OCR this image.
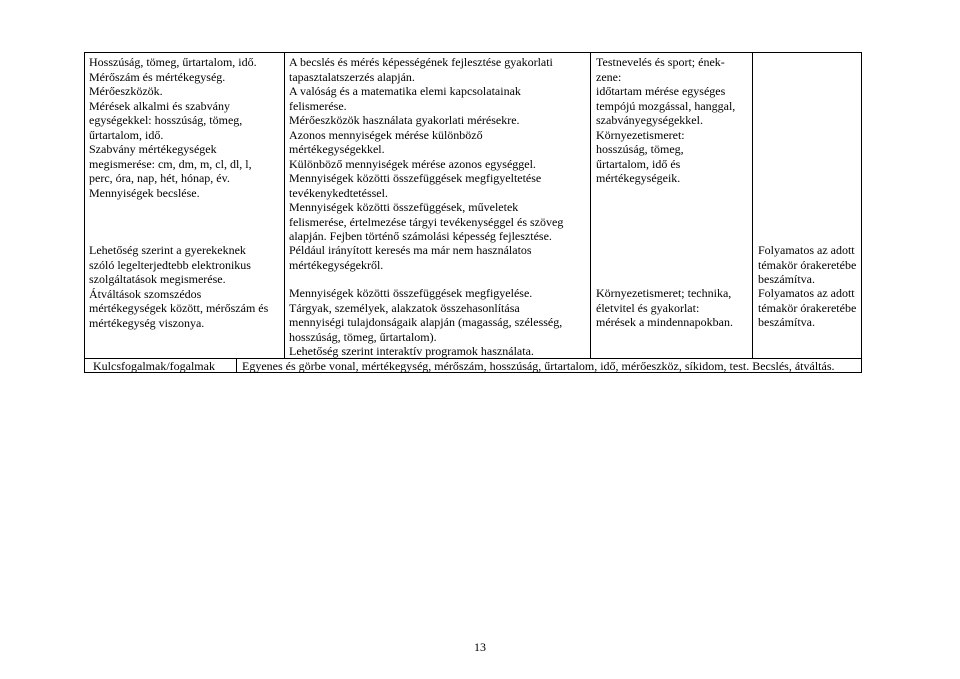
Hosszúság, tömeg, űrtartalom, idő.
Mérőszám és mértékegység.
Mérőeszközök.
Mérések alkalmi és szabvány
egységekkel: hosszúság, tömeg,
űrtartalom, idő.
Szabvány mértékegységek
megismerése: cm, dm, m, cl, dl, l,
perc, óra, nap, hét, hónap, év.
Mennyiségek becslése.
Lehetőség szerint a gyerekeknek
szóló legelterjedtebb elektronikus
szolgáltatások megismerése.
Átváltások szomszédos
mértékegységek között, mérőszám és
mértékegység viszonya.
A becslés és mérés képességének fejlesztése gyakorlati
tapasztalatszerzés alapján.
A valóság és a matematika elemi kapcsolatainak
felismerése.
Mérőeszközök használata gyakorlati mérésekre.
Azonos mennyiségek mérése különböző
mértékegységekkel.
Különböző mennyiségek mérése azonos egységgel.
Mennyiségek közötti összefüggések megfigyeltetése
tevékenykedtetéssel.
Mennyiségek közötti összefüggések, műveletek
felismerése, értelmezése tárgyi tevékenységgel és szöveg
alapján. Fejben történő számolási képesség fejlesztése.
Például irányított keresés ma már nem használatos
mértékegységekről.
Mennyiségek közötti összefüggések megfigyelése.
Tárgyak, személyek, alakzatok összehasonlítása
mennyiségi tulajdonságaik alapján (magasság, szélesség,
hosszúság, tömeg, űrtartalom).
Lehetőség szerint interaktív programok használata.
Testnevelés és sport; ének-
zene:
időtartam mérése egységes
tempójú mozgással, hanggal,
szabványegységekkel.
Környezetismeret:
hosszúság, tömeg,
űrtartalom, idő és
mértékegységeik.
Környezetismeret; technika,
életvitel és gyakorlat:
mérések a mindennapokban.
Folyamatos az adott
témakör órakeretébe
beszámítva.
Folyamatos az adott
témakör órakeretébe
beszámítva.
Kulcsfogalmak/fogalmak Egyenes és görbe vonal, mértékegység, mérőszám, hosszúság, űrtartalom, idő, mérőeszköz, síkidom, test. Becslés, átváltás.
13
